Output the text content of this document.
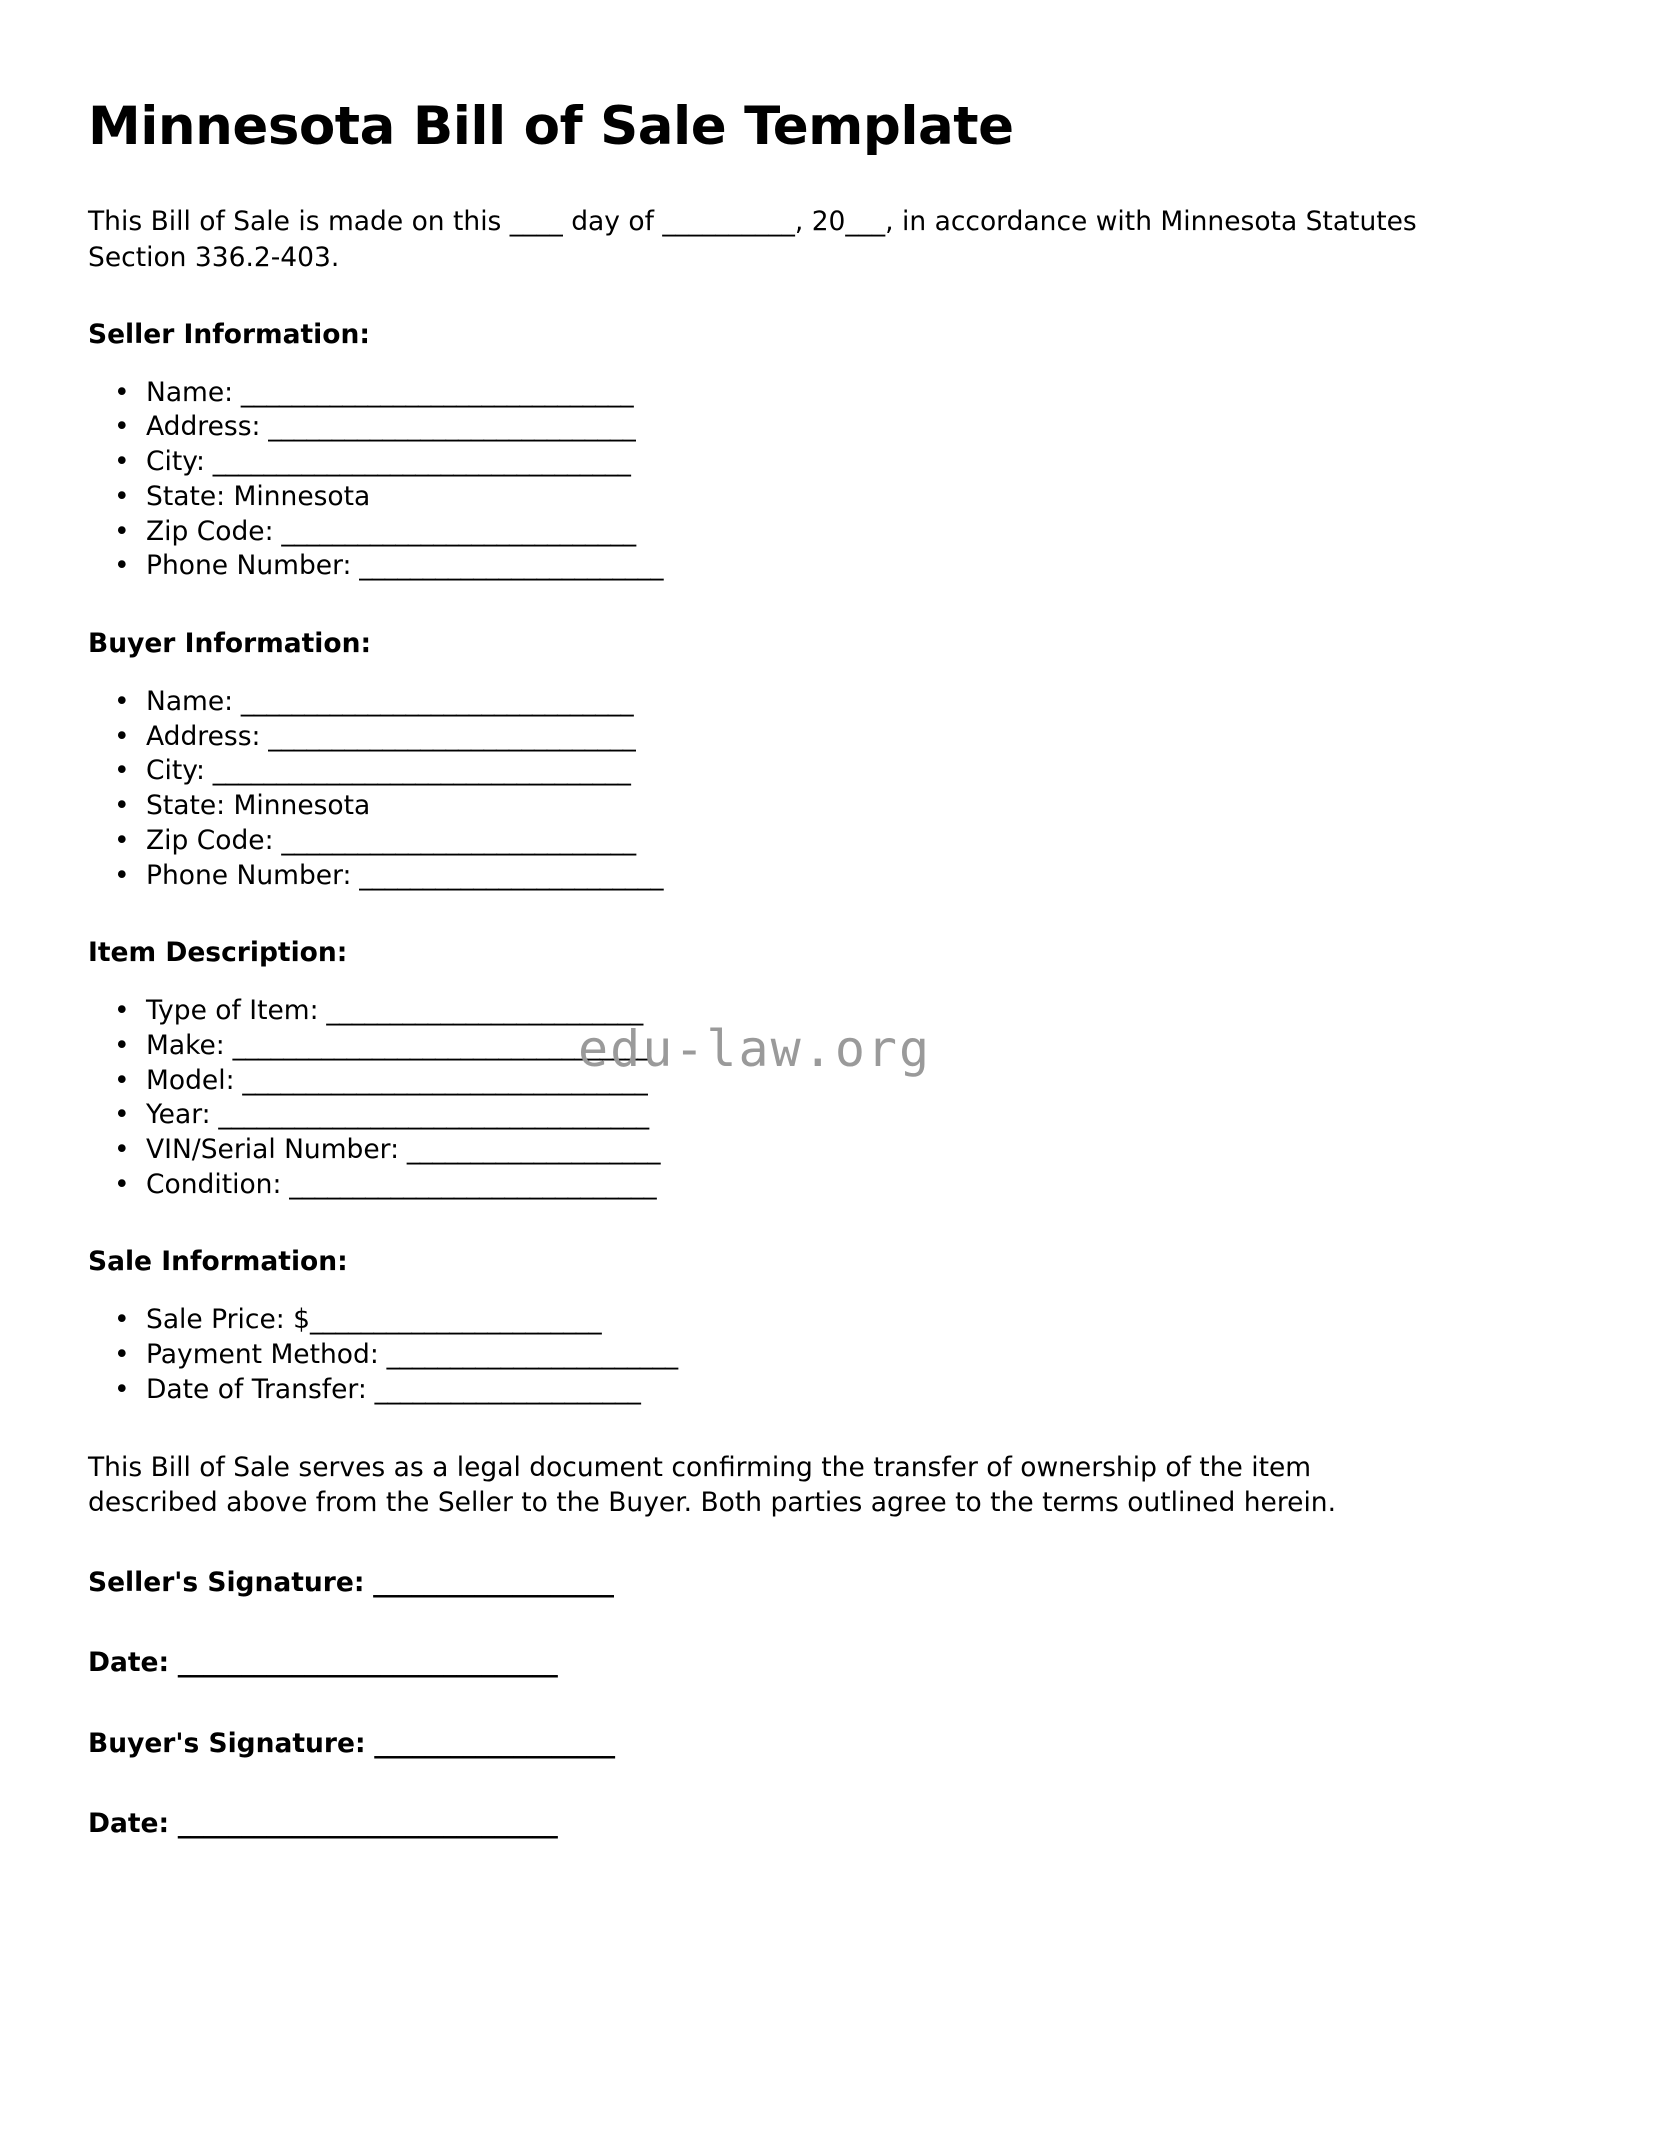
Minnesota Bill of Sale Template

This Bill of Sale is made on this ____ day of __________, 20___, in accordance with Minnesota Statutes Section 336.2-403.

Seller Information:
• Name: _______________________________
• Address: _____________________________
• City: _________________________________
• State: Minnesota
• Zip Code: ____________________________
• Phone Number: ________________________
Buyer Information:
• Name: _______________________________
• Address: _____________________________
• City: _________________________________
• State: Minnesota
• Zip Code: ____________________________
• Phone Number: ________________________
Item Description:
• Type of Item: _________________________
• Make: _________________________________
• Model: ________________________________
• Year: __________________________________
• VIN/Serial Number: ____________________
• Condition: _____________________________
Sale Information:
• Sale Price: $_______________________
• Payment Method: _______________________
• Date of Transfer: _____________________

This Bill of Sale serves as a legal document confirming the transfer of ownership of the item described above from the Seller to the Buyer. Both parties agree to the terms outlined herein.

Seller's Signature: ___________________

Date: ______________________________

Buyer's Signature: ___________________

Date: ______________________________

edu-law.org
